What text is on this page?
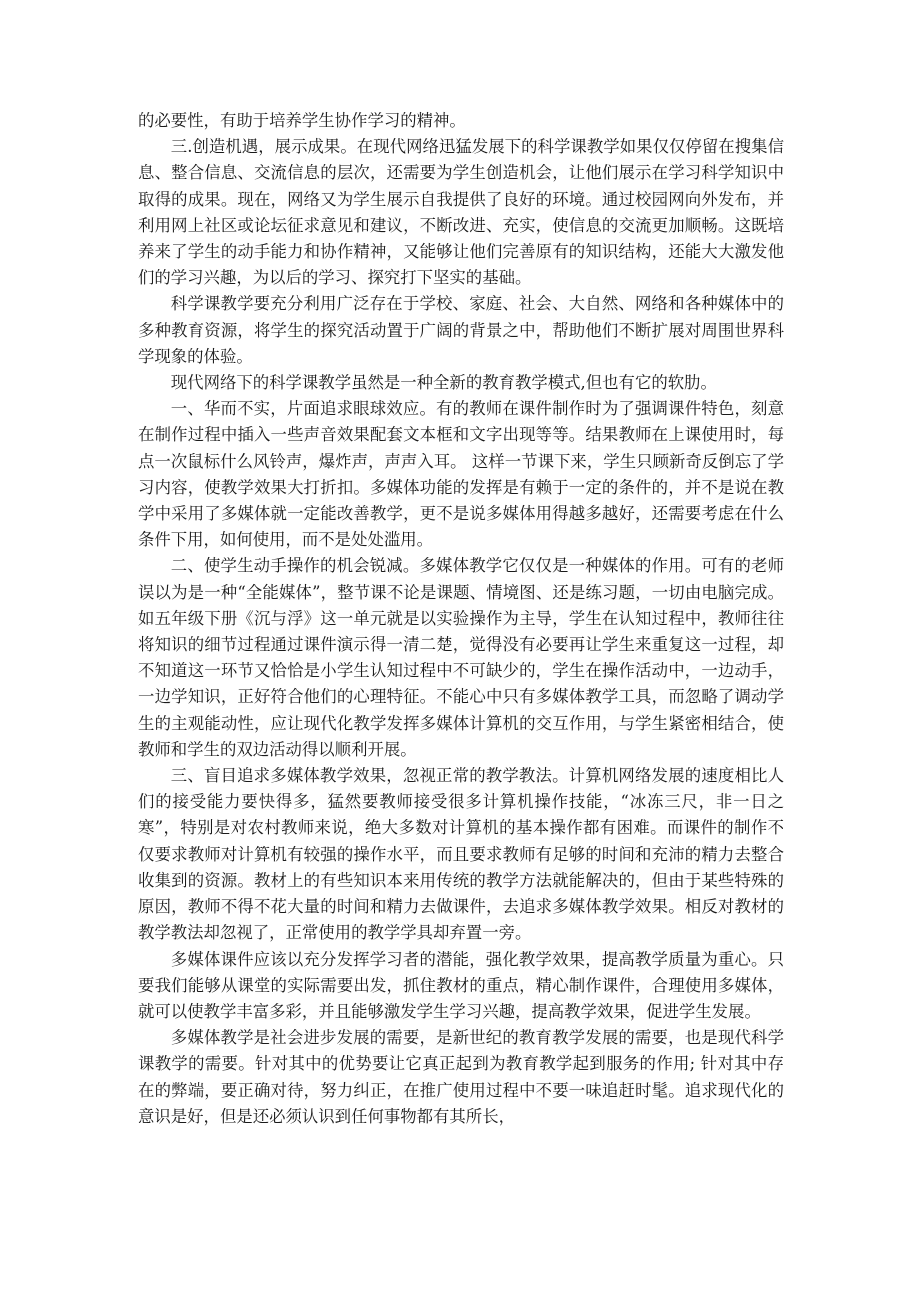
的必要性，有助于培养学生协作学习的精神。

三.创造机遇，展示成果。在现代网络迅猛发展下的科学课教学如果仅仅停留在搜集信息、整合信息、交流信息的层次，还需要为学生创造机会，让他们展示在学习科学知识中取得的成果。现在，网络又为学生展示自我提供了良好的环境。通过校园网向外发布，并利用网上社区或论坛征求意见和建议，不断改进、充实，使信息的交流更加顺畅。这既培养来了学生的动手能力和协作精神，又能够让他们完善原有的知识结构，还能大大激发他们的学习兴趣，为以后的学习、探究打下坚实的基础。

科学课教学要充分利用广泛存在于学校、家庭、社会、大自然、网络和各种媒体中的多种教育资源，将学生的探究活动置于广阔的背景之中，帮助他们不断扩展对周围世界科学现象的体验。

现代网络下的科学课教学虽然是一种全新的教育教学模式,但也有它的软肋。

一、华而不实，片面追求眼球效应。有的教师在课件制作时为了强调课件特色，刻意在制作过程中插入一些声音效果配套文本框和文字出现等等。结果教师在上课使用时，每点一次鼠标什么风铃声，爆炸声，声声入耳。 这样一节课下来，学生只顾新奇反倒忘了学习内容，使教学效果大打折扣。多媒体功能的发挥是有赖于一定的条件的，并不是说在教学中采用了多媒体就一定能改善教学，更不是说多媒体用得越多越好，还需要考虑在什么条件下用，如何使用，而不是处处滥用。

二、使学生动手操作的机会锐减。多媒体教学它仅仅是一种媒体的作用。可有的老师误以为是一种“全能媒体”，整节课不论是课题、情境图、还是练习题，一切由电脑完成。如五年级下册《沉与浮》这一单元就是以实验操作为主导，学生在认知过程中，教师往往将知识的细节过程通过课件演示得一清二楚，觉得没有必要再让学生来重复这一过程，却不知道这一环节又恰恰是小学生认知过程中不可缺少的，学生在操作活动中，一边动手，一边学知识，正好符合他们的心理特征。不能心中只有多媒体教学工具，而忽略了调动学生的主观能动性，应让现代化教学发挥多媒体计算机的交互作用，与学生紧密相结合，使教师和学生的双边活动得以顺利开展。

三、盲目追求多媒体教学效果，忽视正常的教学教法。计算机网络发展的速度相比人们的接受能力要快得多，猛然要教师接受很多计算机操作技能，“冰冻三尺，非一日之寒”，特别是对农村教师来说，绝大多数对计算机的基本操作都有困难。而课件的制作不仅要求教师对计算机有较强的操作水平，而且要求教师有足够的时间和充沛的精力去整合收集到的资源。教材上的有些知识本来用传统的教学方法就能解决的，但由于某些特殊的原因，教师不得不花大量的时间和精力去做课件，去追求多媒体教学效果。相反对教材的教学教法却忽视了，正常使用的教学学具却弃置一旁。

多媒体课件应该以充分发挥学习者的潜能，强化教学效果，提高教学质量为重心。只要我们能够从课堂的实际需要出发，抓住教材的重点，精心制作课件，合理使用多媒体，就可以使教学丰富多彩，并且能够激发学生学习兴趣，提高教学效果，促进学生发展。

多媒体教学是社会进步发展的需要，是新世纪的教育教学发展的需要，也是现代科学课教学的需要。针对其中的优势要让它真正起到为教育教学起到服务的作用; 针对其中存在的弊端，要正确对待，努力纠正，在推广使用过程中不要一味追赶时髦。追求现代化的意识是好，但是还必须认识到任何事物都有其所长，
